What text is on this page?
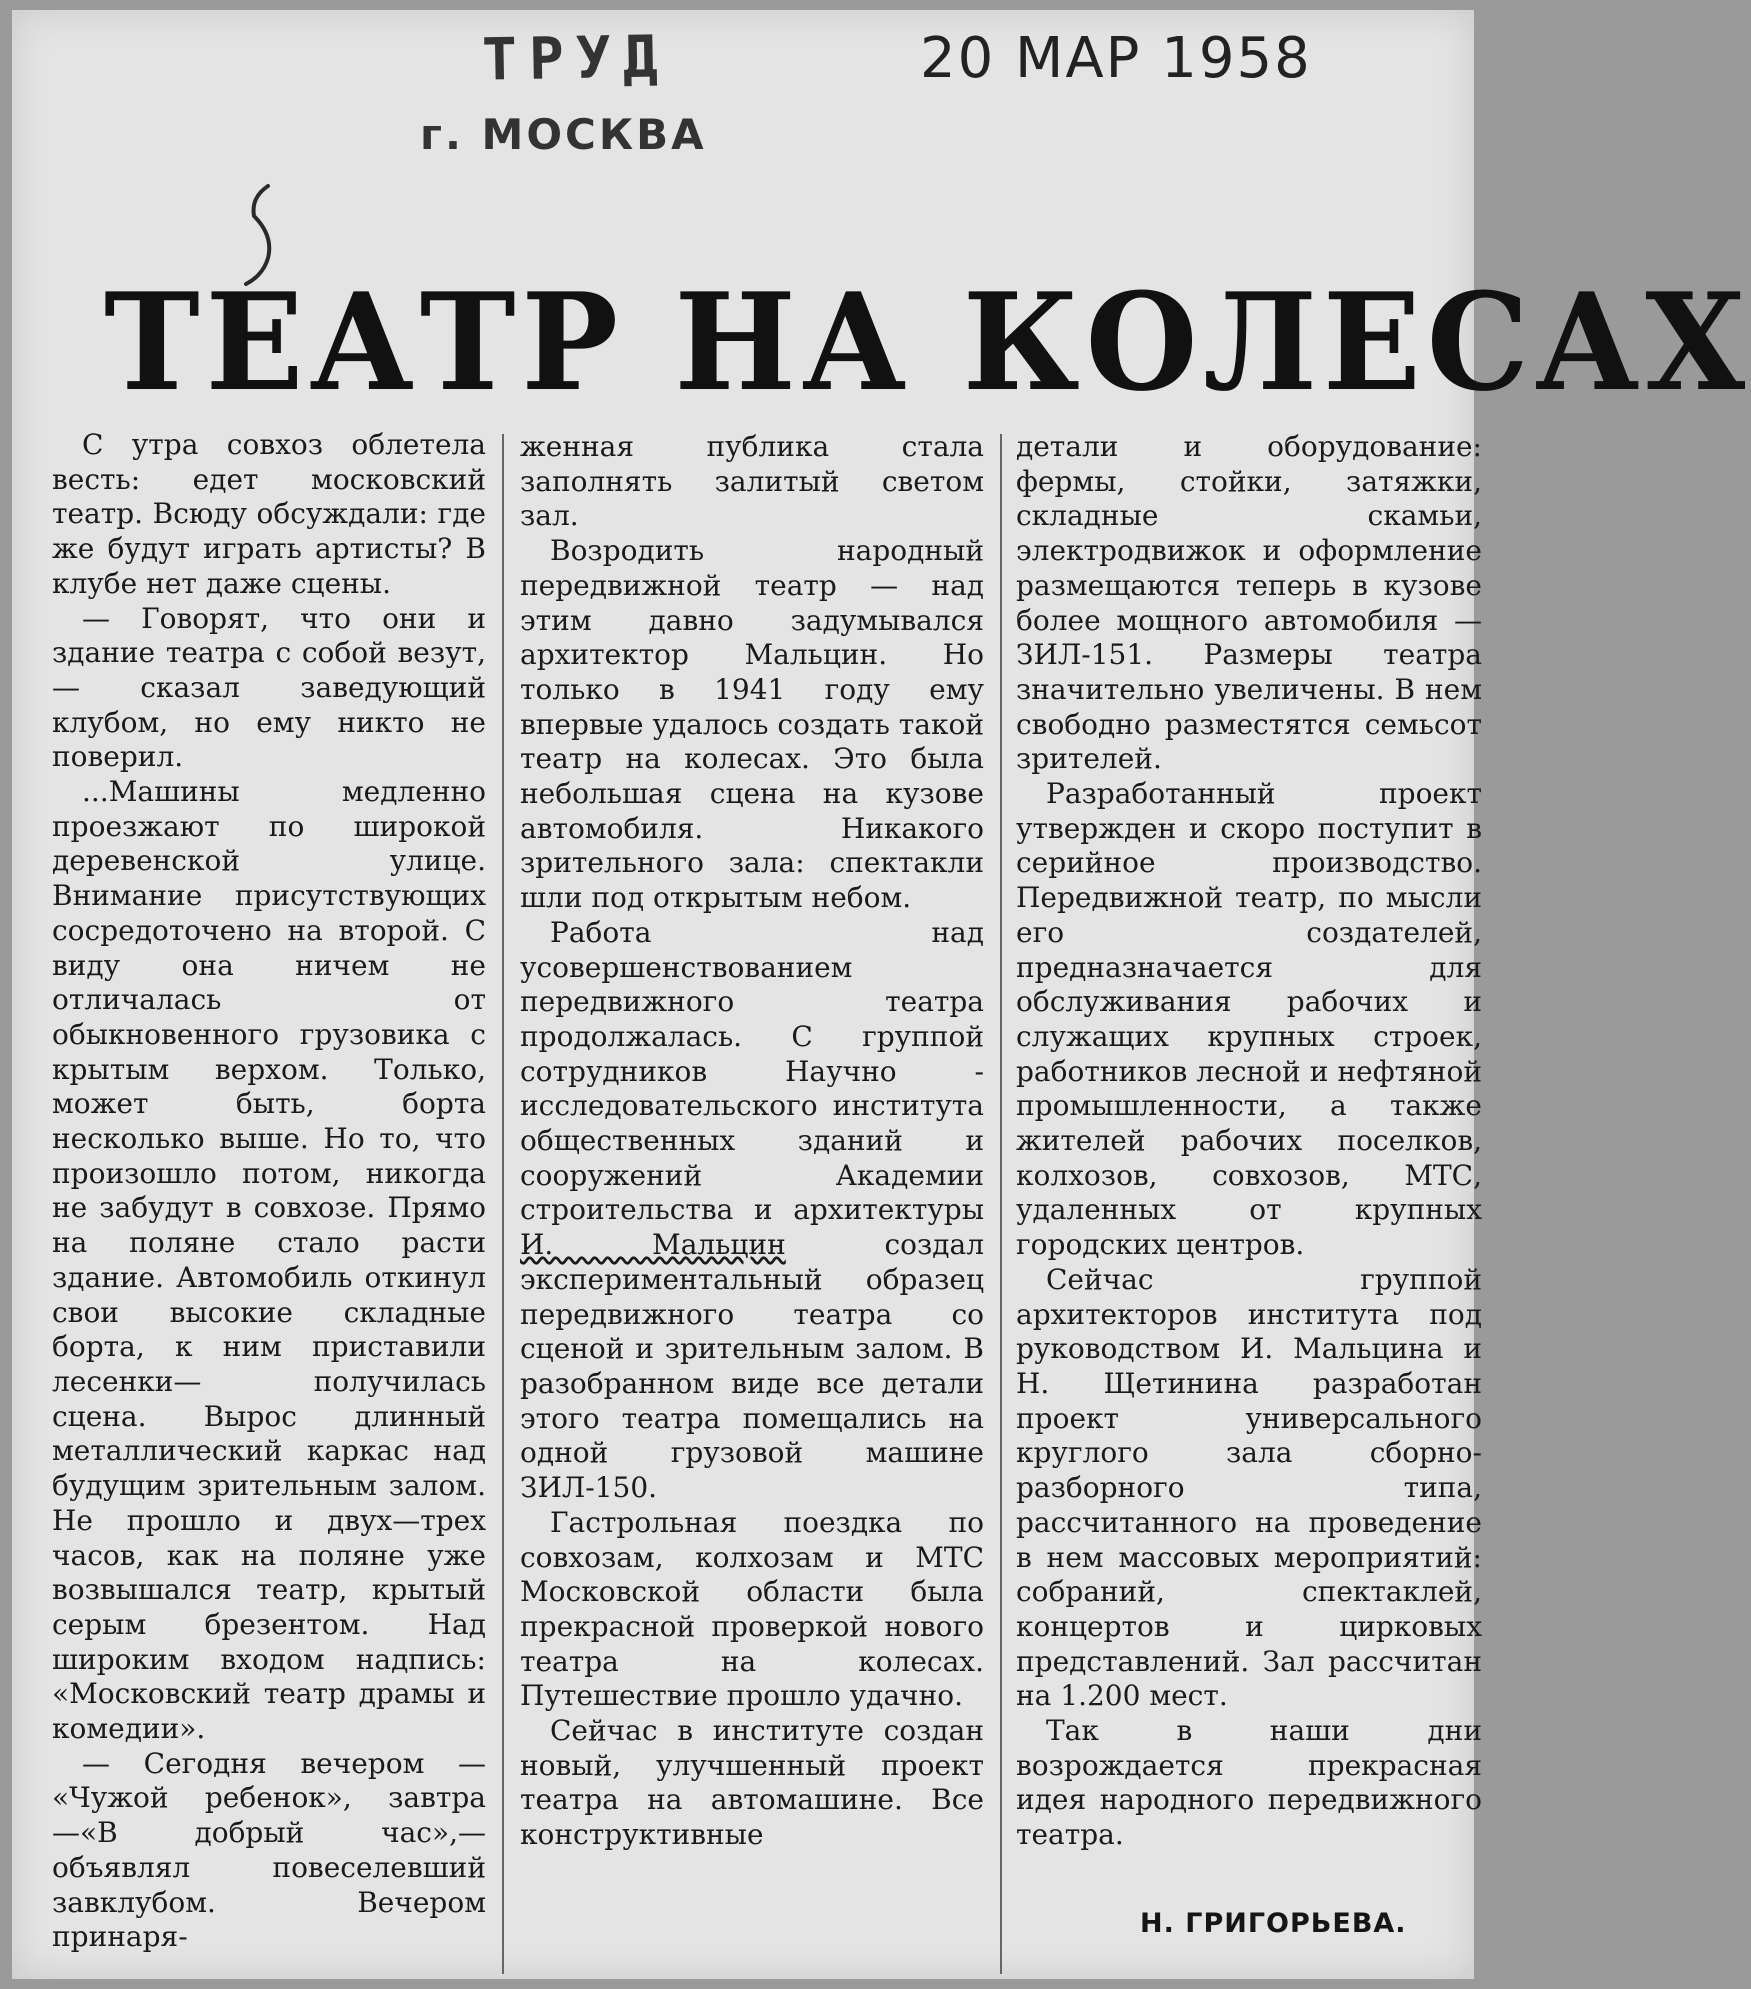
ТРУД
г. МОСКВА
20 МАР 1958
ТЕАТР НА КОЛЕСАХ

С утра совхоз облетела весть: едет московский театр. Всюду обсуждали: где же будут играть артисты? В клубе нет даже сцены.

— Говорят, что они и здание театра с собой везут,— сказал заведующий клубом, но ему никто не поверил.

...Машины медленно проезжают по широкой деревенской улице. Внимание присутствующих сосредоточено на второй. С виду она ничем не отличалась от обыкновенного грузовика с крытым верхом. Только, может быть, борта несколько выше. Но то, что произошло потом, никогда не забудут в совхозе. Прямо на поляне стало расти здание. Автомобиль откинул свои высокие складные борта, к ним приставили лесенки— получилась сцена. Вырос длинный металлический каркас над будущим зрительным залом. Не прошло и двух—трех часов, как на поляне уже возвышался театр, крытый серым брезентом. Над широким входом надпись: «Московский театр драмы и комедии».

— Сегодня вечером — «Чужой ребенок», завтра —«В добрый час»,—объявлял повеселевший завклубом. Вечером принаря-

женная публика стала заполнять залитый светом зал.

Возродить народный передвижной театр — над этим давно задумывался архитектор Мальцин. Но только в 1941 году ему впервые удалось создать такой театр на колесах. Это была небольшая сцена на кузове автомобиля. Никакого зрительного зала: спектакли шли под открытым небом.

Работа над усовершенствованием передвижного театра продолжалась. С группой сотрудников Научно - исследовательского института общественных зданий и сооружений Академии строительства и архитектуры И. Мальцин	создал экспериментальный образец передвижного театра со сценой и зрительным залом. В разобранном виде все детали этого театра помещались на одной грузовой машине ЗИЛ-150.

Гастрольная поездка по совхозам, колхозам и МТС Московской области была прекрасной проверкой нового театра на колесах. Путешествие прошло удачно.

Сейчас в институте создан новый, улучшенный проект театра на автомашине. Все конструктивные

детали и оборудование: фермы, стойки, затяжки, складные скамьи, электродвижок и оформление размещаются теперь в кузове более мощного автомобиля — ЗИЛ-151. Размеры театра значительно увеличены. В нем свободно разместятся семьсот зрителей.

Разработанный проект утвержден и скоро поступит в серийное производство. Передвижной театр, по мысли его создателей, предназначается для обслуживания рабочих и служащих крупных строек, работников лесной и нефтяной промышленности, а также жителей рабочих поселков, колхозов, совхозов, МТС, удаленных от крупных городских центров.

Сейчас группой архитекторов института под руководством И. Мальцина и Н. Щетинина разработан проект универсального круглого зала сборно-разборного типа, рассчитанного на проведение в нем массовых мероприятий: собраний, спектаклей, концертов и цирковых представлений. Зал рассчитан на 1.200 мест.

Так в наши дни возрождается прекрасная идея народного передвижного театра.

Н. ГРИГОРЬЕВА.
